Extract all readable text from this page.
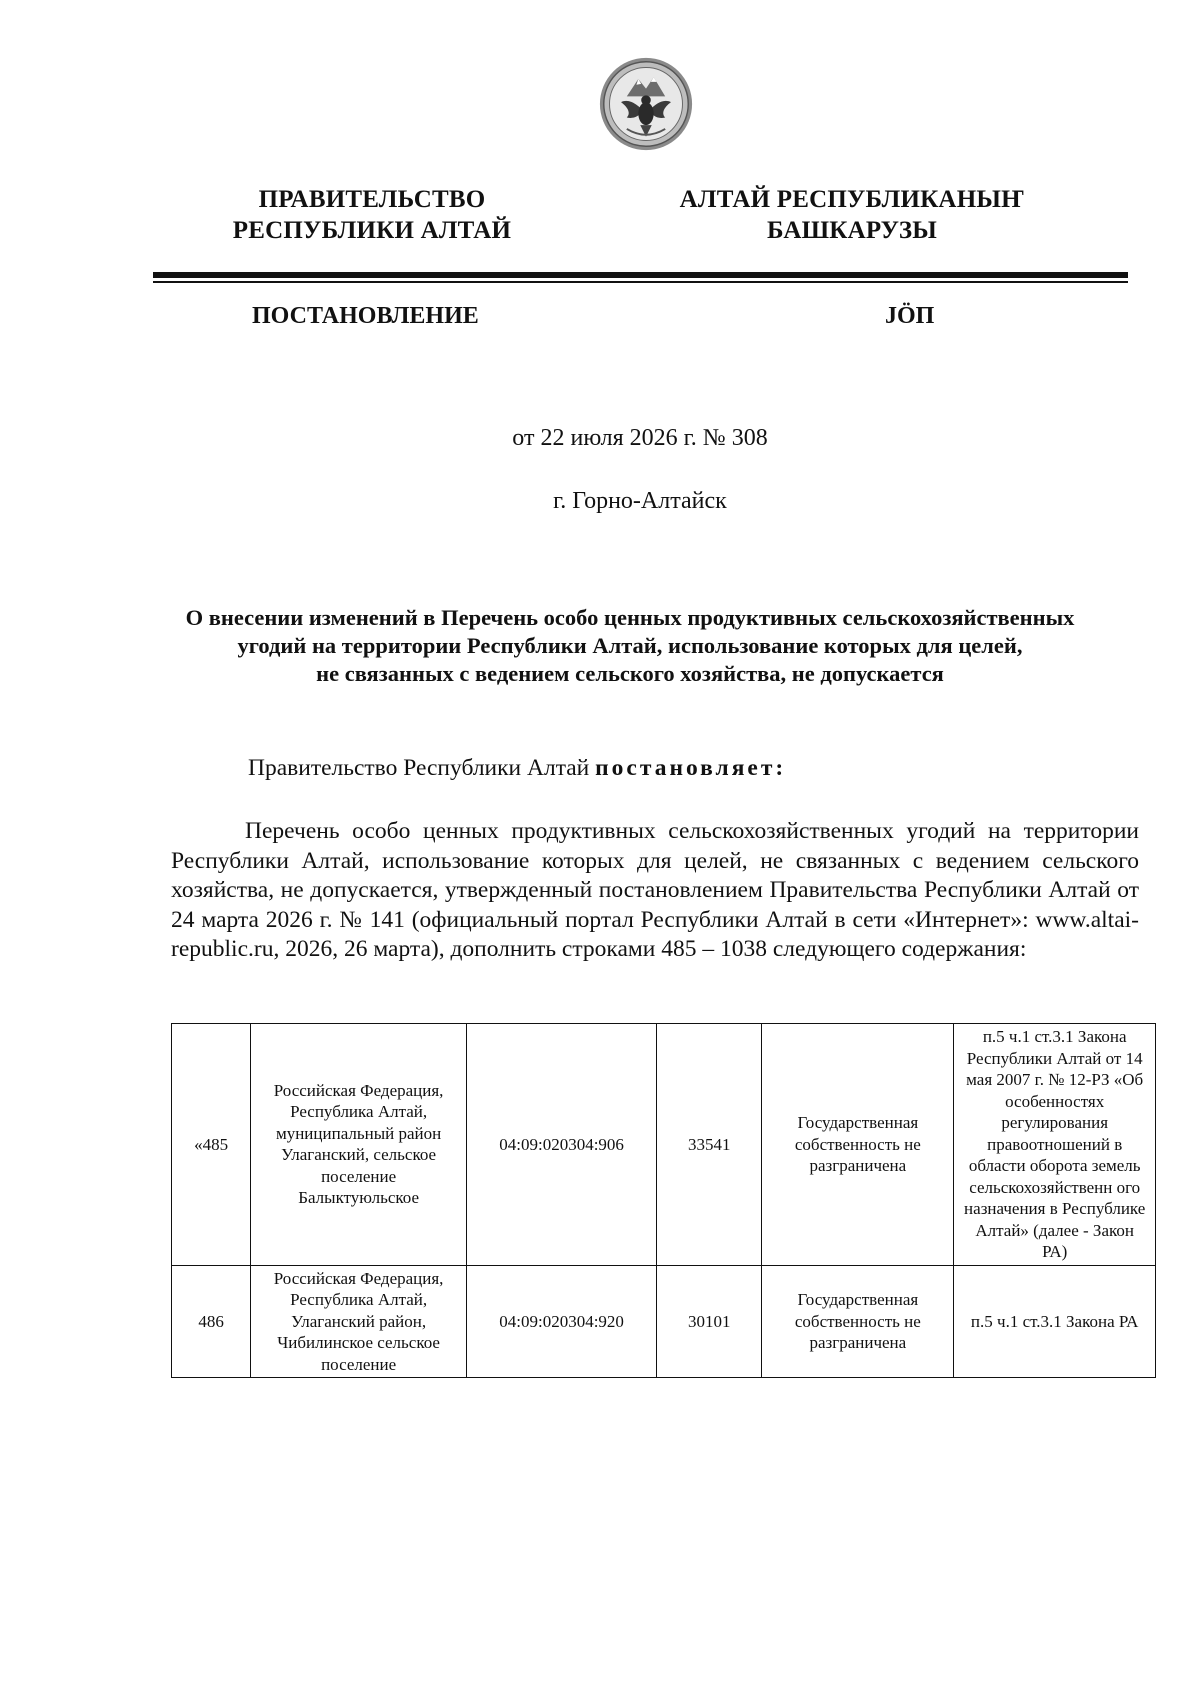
ПРАВИТЕЛЬСТВО
РЕСПУБЛИКИ АЛТАЙ
АЛТАЙ РЕСПУБЛИКАНЫҤ
БАШКАРУЗЫ
ПОСТАНОВЛЕНИЕ	JÖП
от 22 июля 2026 г. № 308
г. Горно-Алтайск
О внесении изменений в Перечень особо ценных продуктивных сельскохозяйственных
угодий на территории Республики Алтай, использование которых для целей,
не связанных с ведением сельского хозяйства, не допускается
Правительство Республики Алтай постановляет:
Перечень особо ценных продуктивных сельскохозяйственных угодий на территории Республики Алтай, использование которых для целей, не связанных с ведением сельского хозяйства, не допускается, утвержденный постановлением Правительства Республики Алтай от 24 марта 2026 г. № 141 (официальный портал Республики Алтай в сети «Интернет»: www.altai-republic.ru, 2026, 26 марта), дополнить строками 485 – 1038 следующего содержания:
«485	Российская Федерация, Республика Алтай, муниципальный район Улаганский, сельское поселение Балыктуюльское	04:09:020304:906	33541	Государственная собственность не разграничена	п.5 ч.1 ст.3.1 Закона Республики Алтай от 14 мая 2007 г. № 12-РЗ «Об особенностях регулирования правоотношений в области оборота земель сельскохозяйственн ого назначения в Республике Алтай» (далее - Закон РА)
486	Российская Федерация, Республика Алтай, Улаганский район, Чибилинское сельское поселение	04:09:020304:920	30101	Государственная собственность не разграничена	п.5 ч.1 ст.3.1 Закона РА
